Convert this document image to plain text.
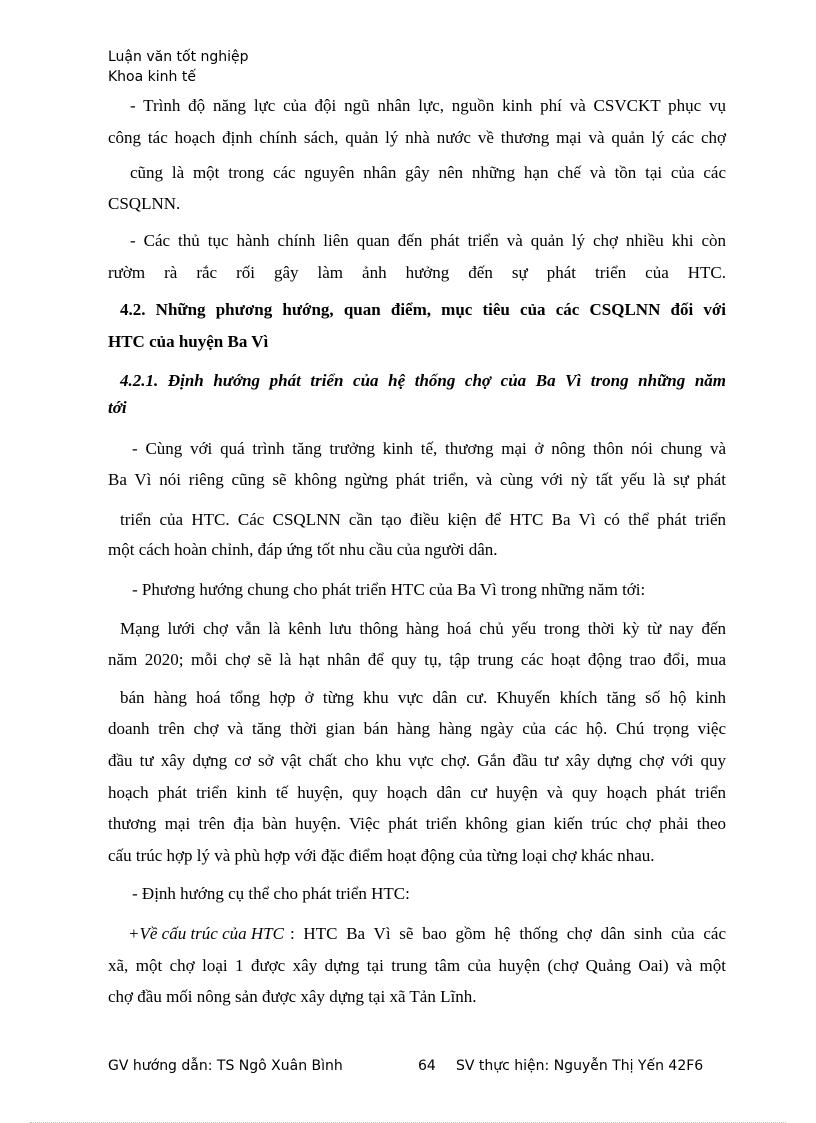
Luận văn tốt nghiệp
Khoa kinh tế
- Trình độ năng lực của đội ngũ nhân lực, nguồn kinh phí và CSVCKT phục vụ
công tác hoạch định chính sách, quản lý nhà nước về thương mại và quản lý các chợ
cũng là một trong các nguyên nhân gây nên những hạn chế và tồn tại của các
CSQLNN.
- Các thủ tục hành chính liên quan đến phát triển và quản lý chợ nhiều khi còn
rườm rà rắc rối gây làm ảnh hưởng đến sự phát triển của HTC.
4.2. Những phương hướng, quan điểm, mục tiêu của các CSQLNN đối với
HTC của huyện Ba Vì
4.2.1. Định hướng phát triển của hệ thống chợ của Ba Vì trong những năm
tới
- Cùng với quá trình tăng trưởng kinh tế, thương mại ở nông thôn nói chung và
Ba Vì nói riêng cũng sẽ không ngừng phát triển, và cùng với nỳ tất yếu là sự phát
triển của HTC. Các CSQLNN cần tạo điều kiện để HTC Ba Vì có thể phát triển
một cách hoàn chỉnh, đáp ứng tốt nhu cầu của người dân.
- Phương hướng chung cho phát triển HTC của Ba Vì trong những năm tới:
Mạng lưới chợ vẫn là kênh lưu thông hàng hoá chủ yếu trong thời kỳ từ nay đến
năm 2020; mỗi chợ sẽ là hạt nhân để quy tụ, tập trung các hoạt động trao đổi, mua
bán hàng hoá tổng hợp ở từng khu vực dân cư. Khuyến khích tăng số hộ kinh
doanh trên chợ và tăng thời gian bán hàng hàng ngày của các hộ. Chú trọng việc
đầu tư xây dựng cơ sở vật chất cho khu vực chợ. Gắn đầu tư xây dựng chợ với quy
hoạch phát triển kinh tế huyện, quy hoạch dân cư huyện và quy hoạch phát triển
thương mại trên địa bàn huyện. Việc phát triển không gian kiến trúc chợ phải theo
cấu trúc hợp lý và phù hợp với đặc điểm hoạt động của từng loại chợ khác nhau.
- Định hướng cụ thể cho phát triển HTC:
+Về cấu trúc của HTC : HTC Ba Vì sẽ bao gồm hệ thống chợ dân sinh của các
xã, một chợ loại 1 được xây dựng tại trung tâm của huyện (chợ Quảng Oai) và một
chợ đầu mối nông sản được xây dựng tại xã Tản Lĩnh.
GV hướng dẫn: TS Ngô Xuân Bình	64 SV thực hiện: Nguyễn Thị Yến 42F6
